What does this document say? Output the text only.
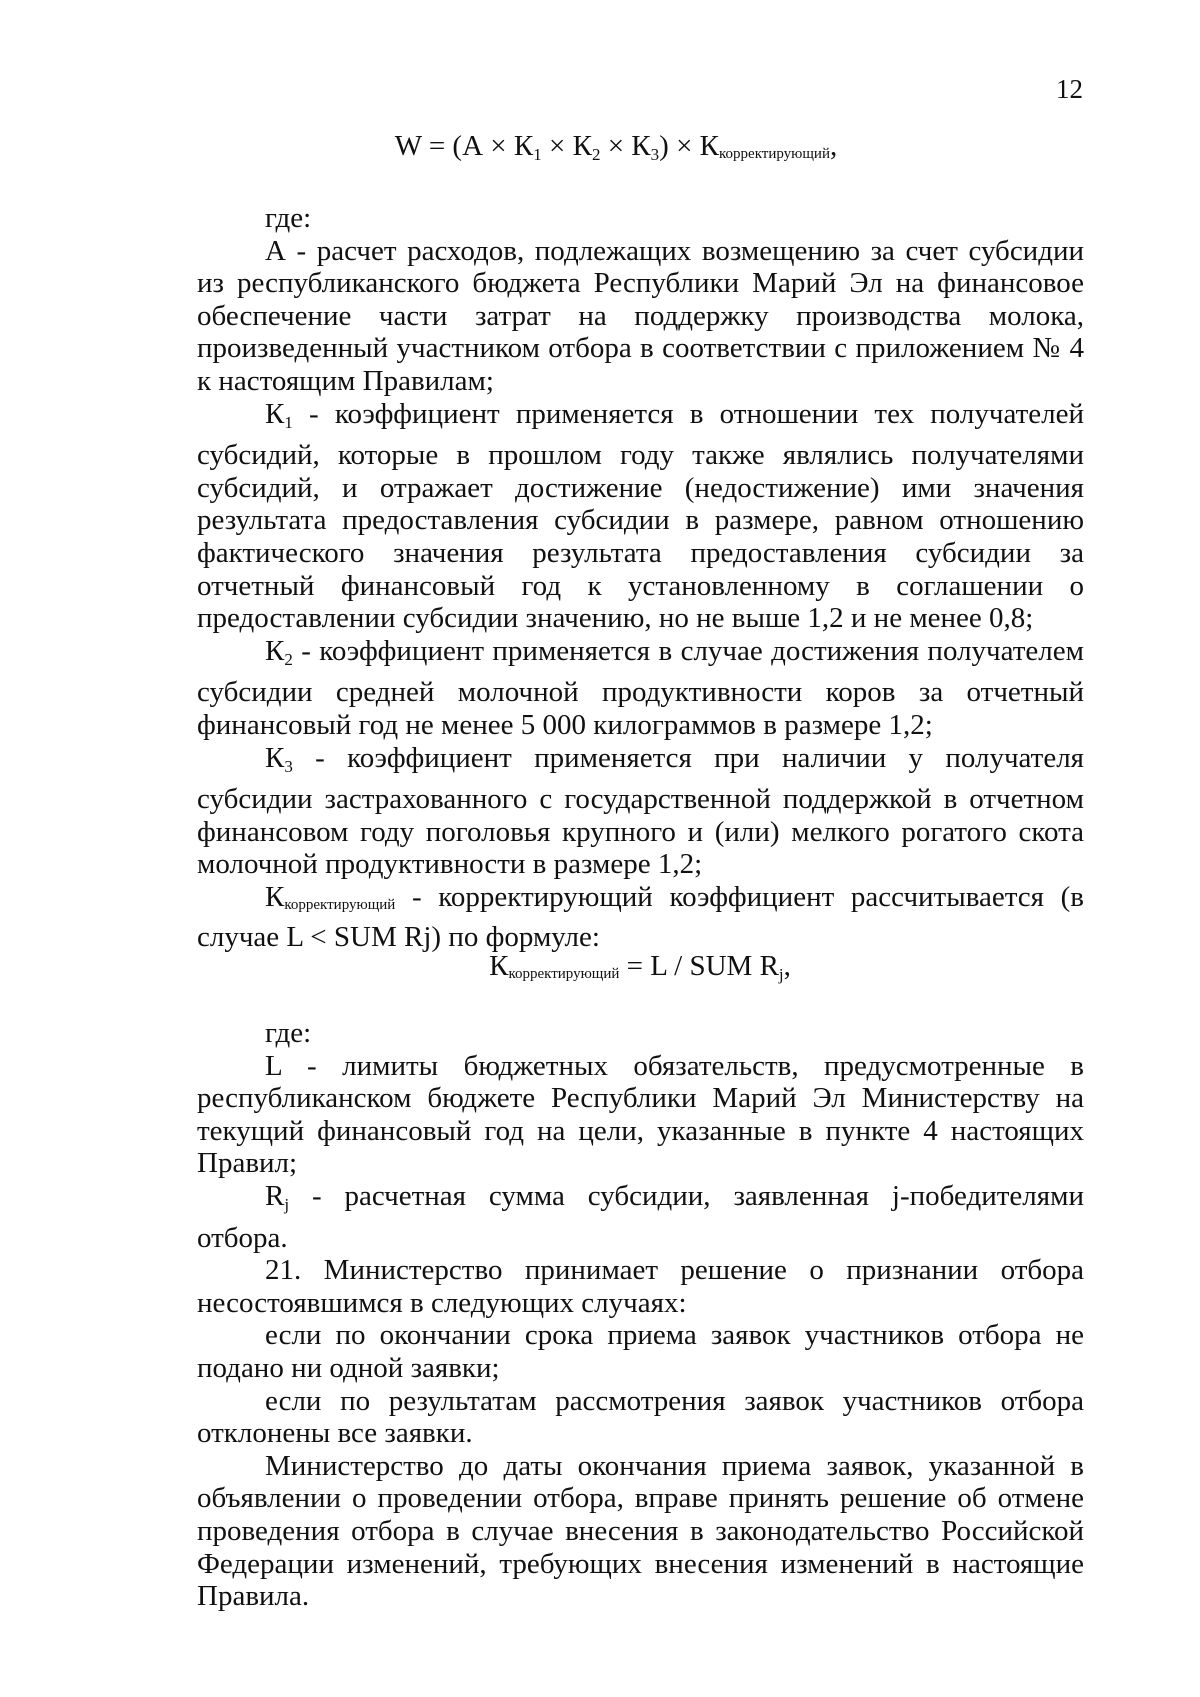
12
$W = (А \times К_1 \times К_2 \times К_3)$ × Ккорректирующий,

где:

А - расчет расходов, подлежащих возмещению за счет субсидии из республиканского бюджета Республики Марий Эл на финансовое обеспечение части затрат на поддержку производства молока, произведенный участником отбора в соответствии с приложением № 4 к настоящим Правилам;

$К_1$ - коэффициент применяется в отношении тех получателей субсидий, которые в прошлом году также являлись получателями субсидий, и отражает достижение (недостижение) ими значения результата предоставления субсидии в размере, равном отношению фактического значения результата предоставления субсидии за отчетный финансовый год к установленному в соглашении о предоставлении субсидии значению, но не выше 1,2 и не менее 0,8;

$К_2$ - коэффициент применяется в случае достижения получателем субсидии средней молочной продуктивности коров за отчетный финансовый год не менее 5 000 килограммов в размере 1,2;

$К_3$ - коэффициент применяется при наличии у получателя субсидии застрахованного с государственной поддержкой в отчетном финансовом году поголовья крупного и (или) мелкого рогатого скота молочной продуктивности в размере 1,2;

Ккорректирующий - корректирующий коэффициент рассчитывается (в случае L < SUM Rj) по формуле:

Ккорректирующий = L / SUM $R_j$,

где:

L - лимиты бюджетных обязательств, предусмотренные в республиканском бюджете Республики Марий Эл Министерству на текущий финансовый год на цели, указанные в пункте 4 настоящих Правил;

$R_j$ - расчетная сумма субсидии, заявленная j-победителями отбора.

21. Министерство принимает решение о признании отбора несостоявшимся в следующих случаях:

если по окончании срока приема заявок участников отбора не подано ни одной заявки;

если по результатам рассмотрения заявок участников отбора отклонены все заявки.

Министерство до даты окончания приема заявок, указанной в объявлении о проведении отбора, вправе принять решение об отмене проведения отбора в случае внесения в законодательство Российской Федерации изменений, требующих внесения изменений в настоящие Правила.
